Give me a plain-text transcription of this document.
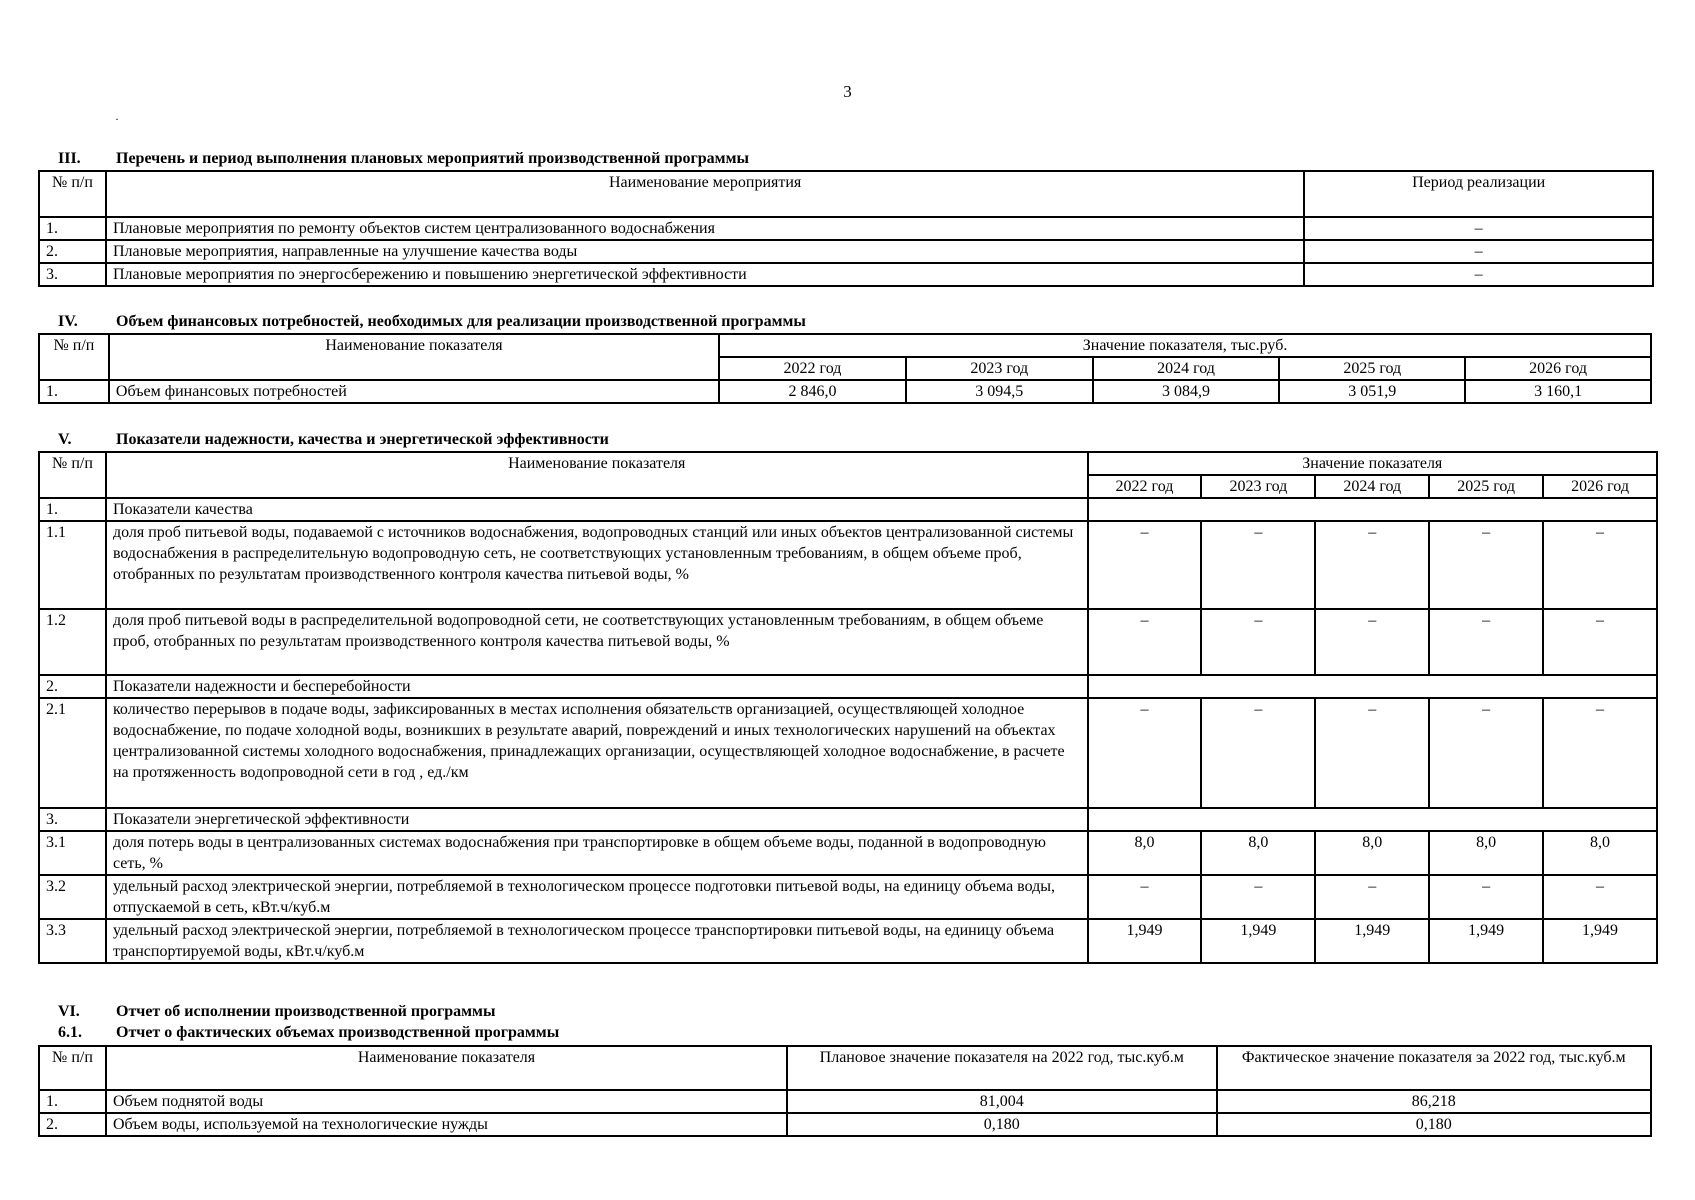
3
·
III. Перечень и период выполнения плановых мероприятий производственной программы
№ п/п	Наименование мероприятия	Период реализации
1.	Плановые мероприятия по ремонту объектов систем централизованного водоснабжения	–
2.	Плановые мероприятия, направленные на улучшение качества воды	–
3.	Плановые мероприятия по энергосбережению и повышению энергетической эффективности	–
IV. Объем финансовых потребностей, необходимых для реализации производственной программы
№ п/п	Наименование показателя	Значение показателя, тыс.руб.				
		2022 год	2023 год	2024 год	2025 год	2026 год
1.	Объем финансовых потребностей	2 846,0	3 094,5	3 084,9	3 051,9	3 160,1
V.	Показатели надежности, качества и энергетической эффективности
№ п/п	Наименование показателя	Значение показателя				
		2022 год	2023 год	2024 год	2025 год	2026 год
1.	Показатели качества					
1.1	доля проб питьевой воды, подаваемой с источников водоснабжения, водопроводных станций или иных объектов централизованной системы водоснабжения в распределительную водопроводную сеть, не соответствующих установленным требованиям, в общем объеме проб, отобранных по результатам производственного контроля качества питьевой воды, %	–	–	–	–	–
1.2	доля проб питьевой воды в распределительной водопроводной сети, не соответствующих установленным требованиям, в общем объеме проб, отобранных по результатам производственного контроля качества питьевой воды, %	–	–	–	–	–
2.	Показатели надежности и бесперебойности					
2.1	количество перерывов в подаче воды, зафиксированных в местах исполнения обязательств организацией, осуществляющей холодное водоснабжение, по подаче холодной воды, возникших в результате аварий, повреждений и иных технологических нарушений на объектах централизованной системы холодного водоснабжения, принадлежащих организации, осуществляющей холодное водоснабжение, в расчете на протяженность водопроводной сети в год , ед./км	–	–	–	–	–
3.	Показатели энергетической эффективности					
3.1	доля потерь воды в централизованных системах водоснабжения при транспортировке в общем объеме воды, поданной в водопроводную сеть, %	8,0	8,0	8,0	8,0	8,0
3.2	удельный расход электрической энергии, потребляемой в технологическом процессе подготовки питьевой воды, на единицу объема воды, отпускаемой в сеть, кВт.ч/куб.м	–	–	–	–	–
3.3	удельный расход электрической энергии, потребляемой в технологическом процессе транспортировки питьевой воды, на единицу объема транспортируемой воды, кВт.ч/куб.м	1,949	1,949	1,949	1,949	1,949
VI. Отчет об исполнении производственной программы
6.1. Отчет о фактических объемах производственной программы
№ п/п	Наименование показателя	Плановое значение показателя на 2022 год, тыс.куб.м	Фактическое значение показателя за 2022 год, тыс.куб.м
1.	Объем поднятой воды	81,004	86,218
2.	Объем воды, используемой на технологические нужды	0,180	0,180
